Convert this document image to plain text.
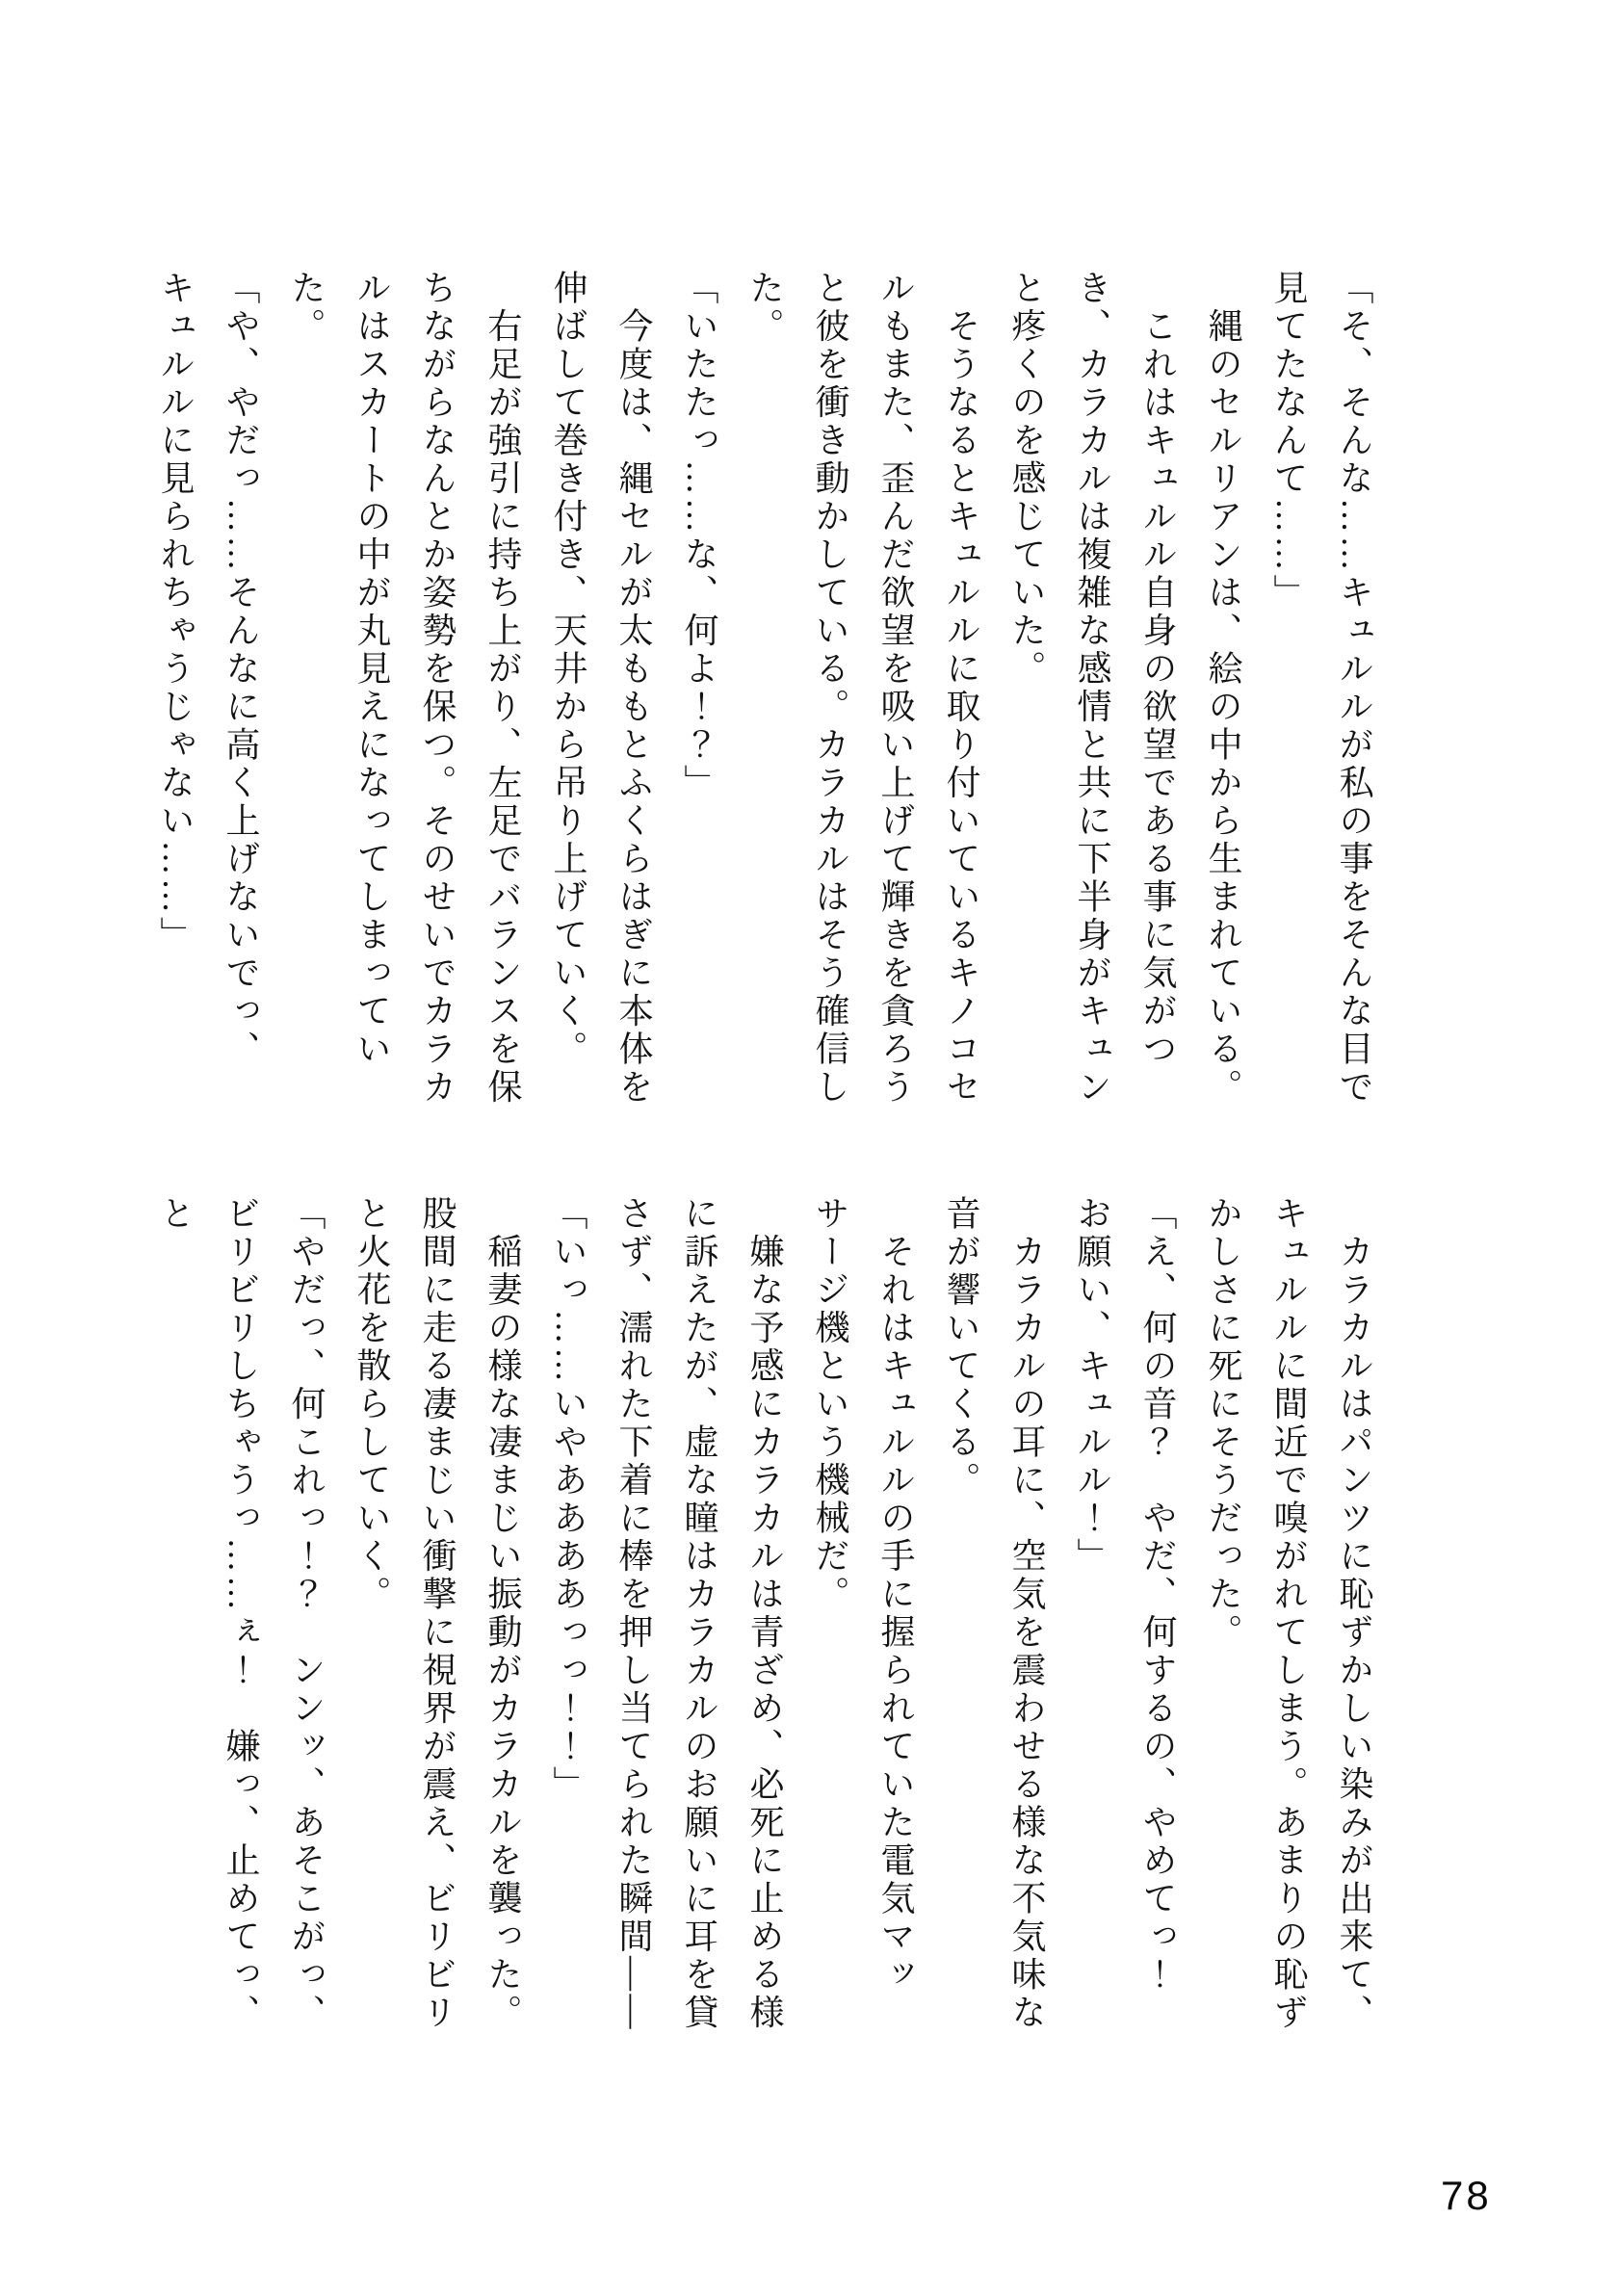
「そ、そんな……キュルルが私の事をそんな目で見てたなんて……」

　縄のセルリアンは、絵の中から生まれている。

　これはキュルル自身の欲望である事に気がつき、カラカルは複雑な感情と共に下半身がキュンと疼くのを感じていた。

　そうなるとキュルルに取り付いているキノコセルもまた、歪んだ欲望を吸い上げて輝きを貪ろうと彼を衝き動かしている。カラカルはそう確信した。

「いたたっ……な、何よ！？」

　今度は、縄セルが太ももとふくらはぎに本体を伸ばして巻き付き、天井から吊り上げていく。

　右足が強引に持ち上がり、左足でバランスを保ちながらなんとか姿勢を保つ。そのせいでカラカルはスカートの中が丸見えになってしまっていた。

「や、やだっ……そんなに高く上げないでっ、キュルルに見られちゃうじゃない……」

　カラカルはパンツに恥ずかしい染みが出来て、キュルルに間近で嗅がれてしまう。あまりの恥ずかしさに死にそうだった。

「え、何の音？　やだ、何するの、やめてっ！　お願い、キュルル！」

　カラカルの耳に、空気を震わせる様な不気味な音が響いてくる。

　それはキュルルの手に握られていた電気マッサージ機という機械だ。

　嫌な予感にカラカルは青ざめ、必死に止める様に訴えたが、虚な瞳はカラカルのお願いに耳を貸さず、濡れた下着に棒を押し当てられた瞬間――

「いっ……いやああああっっ！！」

　稲妻の様な凄まじい振動がカラカルを襲った。股間に走る凄まじい衝撃に視界が震え、ビリビリと火花を散らしていく。

「やだっ、何これっ！？　ンンッ、あそこがっ、ビリビリしちゃうっ……ぇ！　嫌っ、止めてっ、と

78
